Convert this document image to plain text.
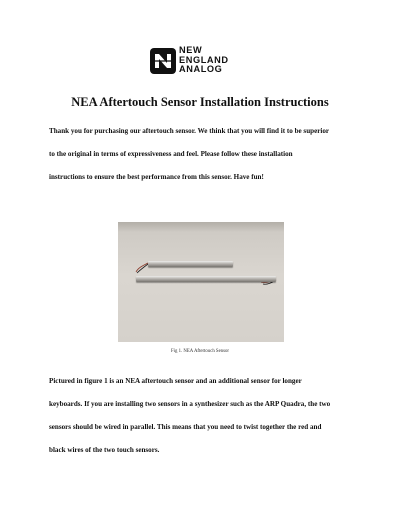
NEW
ENGLAND
ANALOG
NEA Aftertouch Sensor Installation Instructions
Thank you for purchasing our aftertouch sensor. We think that you will find it to be superior
to the original in terms of expressiveness and feel. Please follow these installation
instructions to ensure the best performance from this sensor. Have fun!
Fig 1. NEA Aftertouch Sensor
Pictured in figure 1 is an NEA aftertouch sensor and an additional sensor for longer
keyboards. If you are installing two sensors in a synthesizer such as the ARP Quadra, the two
sensors should be wired in parallel. This means that you need to twist together the red and
black wires of the two touch sensors.
